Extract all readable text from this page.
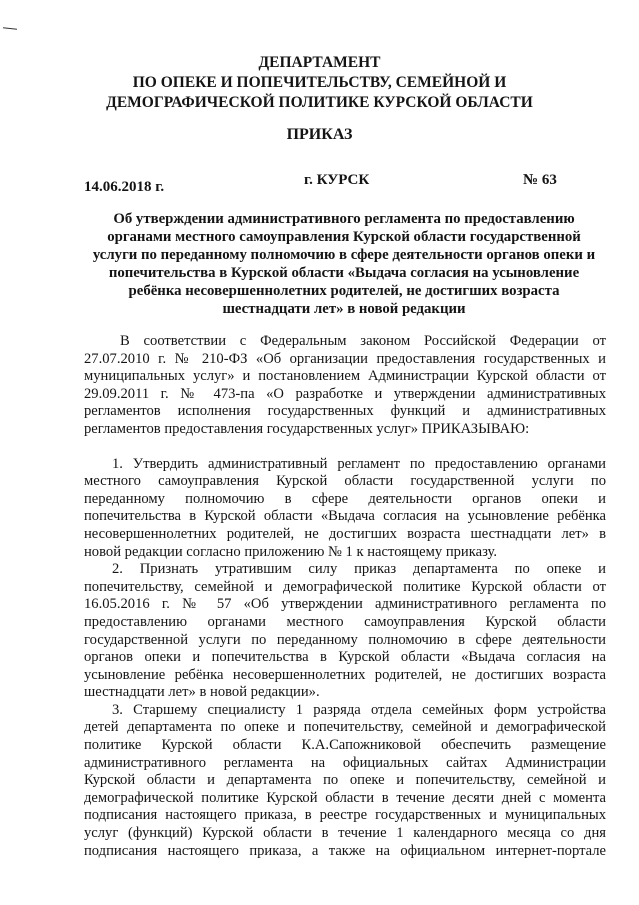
ДЕПАРТАМЕНТ
ПО ОПЕКЕ И ПОПЕЧИТЕЛЬСТВУ, СЕМЕЙНОЙ И
ДЕМОГРАФИЧЕСКОЙ ПОЛИТИКЕ КУРСКОЙ ОБЛАСТИ
ПРИКАЗ
14.06.2018 г.	г. КУРСК	№ 63
Об утверждении административного регламента по предоставлению
органами местного самоуправления Курской области государственной
услуги по переданному полномочию в сфере деятельности органов опеки и
попечительства в Курской области «Выдача согласия на усыновление
ребёнка несовершеннолетних родителей, не достигших возраста
шестнадцати лет» в новой редакции

В соответствии с Федеральным законом Российской Федерации от
27.07.2010 г. № 210-ФЗ «Об организации предоставления государственных и
муниципальных услуг» и постановлением Администрации Курской области от
29.09.2011 г. № 473-па «О разработке и утверждении административных
регламентов исполнения государственных функций и административных
регламентов предоставления государственных услуг» ПРИКАЗЫВАЮ:

1. Утвердить административный регламент по предоставлению органами
местного самоуправления Курской области государственной услуги по
переданному полномочию в сфере деятельности органов опеки и
попечительства в Курской области «Выдача согласия на усыновление ребёнка
несовершеннолетних родителей, не достигших возраста шестнадцати лет» в
новой редакции согласно приложению № 1 к настоящему приказу.

2. Признать утратившим силу приказ департамента по опеке и
попечительству, семейной и демографической политике Курской области от
16.05.2016 г. № 57 «Об утверждении административного регламента по
предоставлению органами местного самоуправления Курской области
государственной услуги по переданному полномочию в сфере деятельности
органов опеки и попечительства в Курской области «Выдача согласия на
усыновление ребёнка несовершеннолетних родителей, не достигших возраста
шестнадцати лет» в новой редакции».

3. Старшему специалисту 1 разряда отдела семейных форм устройства
детей департамента по опеке и попечительству, семейной и демографической
политике Курской области К.А.Сапожниковой обеспечить размещение
административного регламента на официальных сайтах Администрации
Курской области и департамента по опеке и попечительству, семейной и
демографической политике Курской области в течение десяти дней с момента
подписания настоящего приказа, в реестре государственных и муниципальных
услуг (функций) Курской области в течение 1 календарного месяца со дня
подписания настоящего приказа, а также на официальном интернет-портале
